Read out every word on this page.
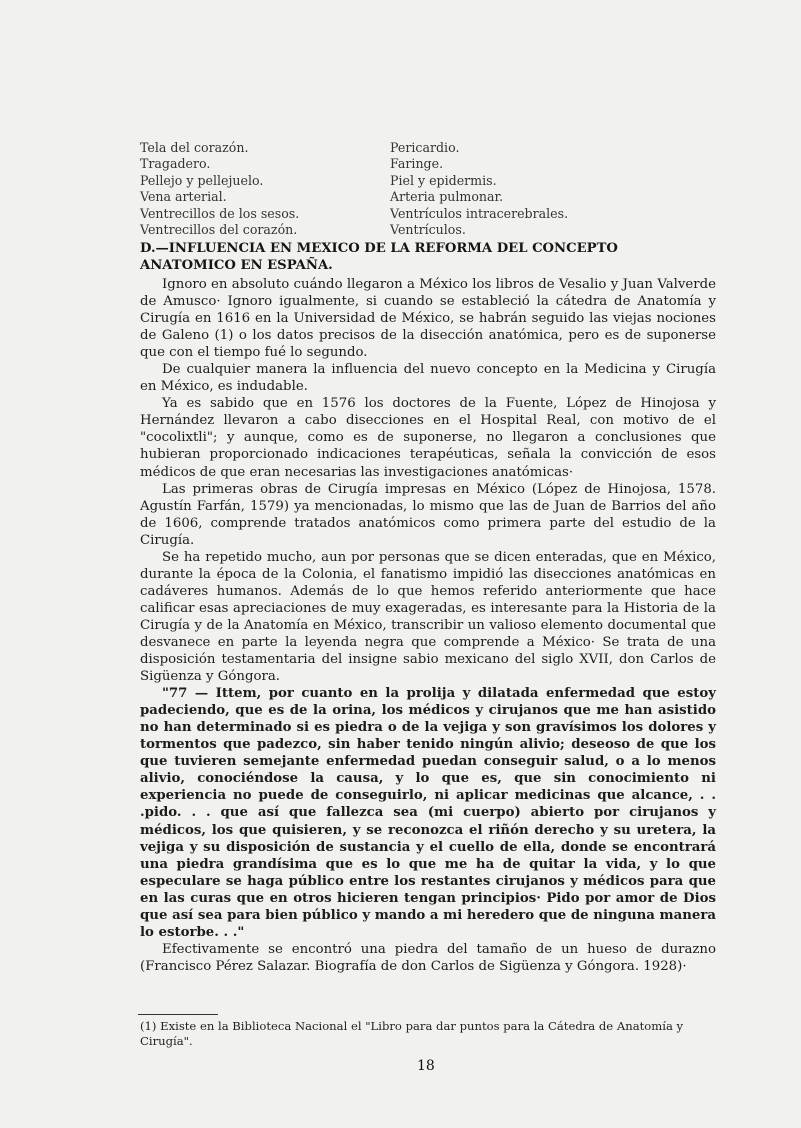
Tela del corazón.
Tragadero.
Pellejo y pellejuelo.
Vena arterial.
Ventrecillos de los sesos.
Ventrecillos del corazón.
Pericardio.
Faringe.
Piel y epidermis.
Arteria pulmonar.
Ventrículos intracerebrales.
Ventrículos.
D.—INFLUENCIA EN MEXICO DE LA REFORMA DEL CONCEPTO ANATOMICO EN ESPAÑA.

Ignoro en absoluto cuándo llegaron a México los libros de Vesalio y Juan Valverde de Amusco· Ignoro igualmente, si cuando se estableció la cátedra de Anatomía y Cirugía en 1616 en la Universidad de México, se habrán seguido las viejas nociones de Galeno (1) o los datos precisos de la disección anatómica, pero es de suponerse que con el tiempo fué lo segundo.

De cualquier manera la influencia del nuevo concepto en la Medicina y Cirugía en México, es indudable.

Ya es sabido que en 1576 los doctores de la Fuente, López de Hinojosa y Hernández llevaron a cabo disecciones en el Hospital Real, con motivo de el "cocolixtli"; y aunque, como es de suponerse, no llegaron a conclusiones que hubieran proporcionado indicaciones terapéuticas, señala la convicción de esos médicos de que eran necesarias las investigaciones anatómicas·

Las primeras obras de Cirugía impresas en México (López de Hinojosa, 1578. Agustín Farfán, 1579) ya mencionadas, lo mismo que las de Juan de Barrios del año de 1606, comprende tratados anatómicos como primera parte del estudio de la Cirugía.

Se ha repetido mucho, aun por personas que se dicen enteradas, que en México, durante la época de la Colonia, el fanatismo impidió las disecciones anatómicas en cadáveres humanos. Además de lo que hemos referido anteriormente que hace calificar esas apreciaciones de muy exageradas, es interesante para la Historia de la Cirugía y de la Anatomía en México, transcribir un valioso elemento documental que desvanece en parte la leyenda negra que comprende a México· Se trata de una disposición testamentaria del insigne sabio mexicano del siglo XVII, don Carlos de Sigüenza y Góngora.

"77 — Ittem, por cuanto en la prolija y dilatada enfermedad que estoy padeciendo, que es de la orina, los médicos y cirujanos que me han asistido no han determinado si es piedra o de la vejiga y son gravísimos los dolores y tormentos que padezco, sin haber tenido ningún alivio; deseoso de que los que tuvieren semejante enfermedad puedan conseguir salud, o a lo menos alivio, conociéndose la causa, y lo que es, que sin conocimiento ni experiencia no puede de conseguirlo, ni aplicar medicinas que alcance, . . .pido. . . que así que fallezca sea (mi cuerpo) abierto por cirujanos y médicos, los que quisieren, y se reconozca el riñón derecho y su uretera, la vejiga y su disposición de sustancia y el cuello de ella, donde se encontrará una piedra grandísima que es lo que me ha de quitar la vida, y lo que especulare se haga público entre los restantes cirujanos y médicos para que en las curas que en otros hicieren tengan principios· Pido por amor de Dios que así sea para bien público y mando a mi heredero que de ninguna manera lo estorbe. . ."

Efectivamente se encontró una piedra del tamaño de un hueso de durazno (Francisco Pérez Salazar. Biografía de don Carlos de Sigüenza y Góngora. 1928)·

(1) Existe en la Biblioteca Nacional el "Libro para dar puntos para la Cátedra de Anatomía y Cirugía".
18
